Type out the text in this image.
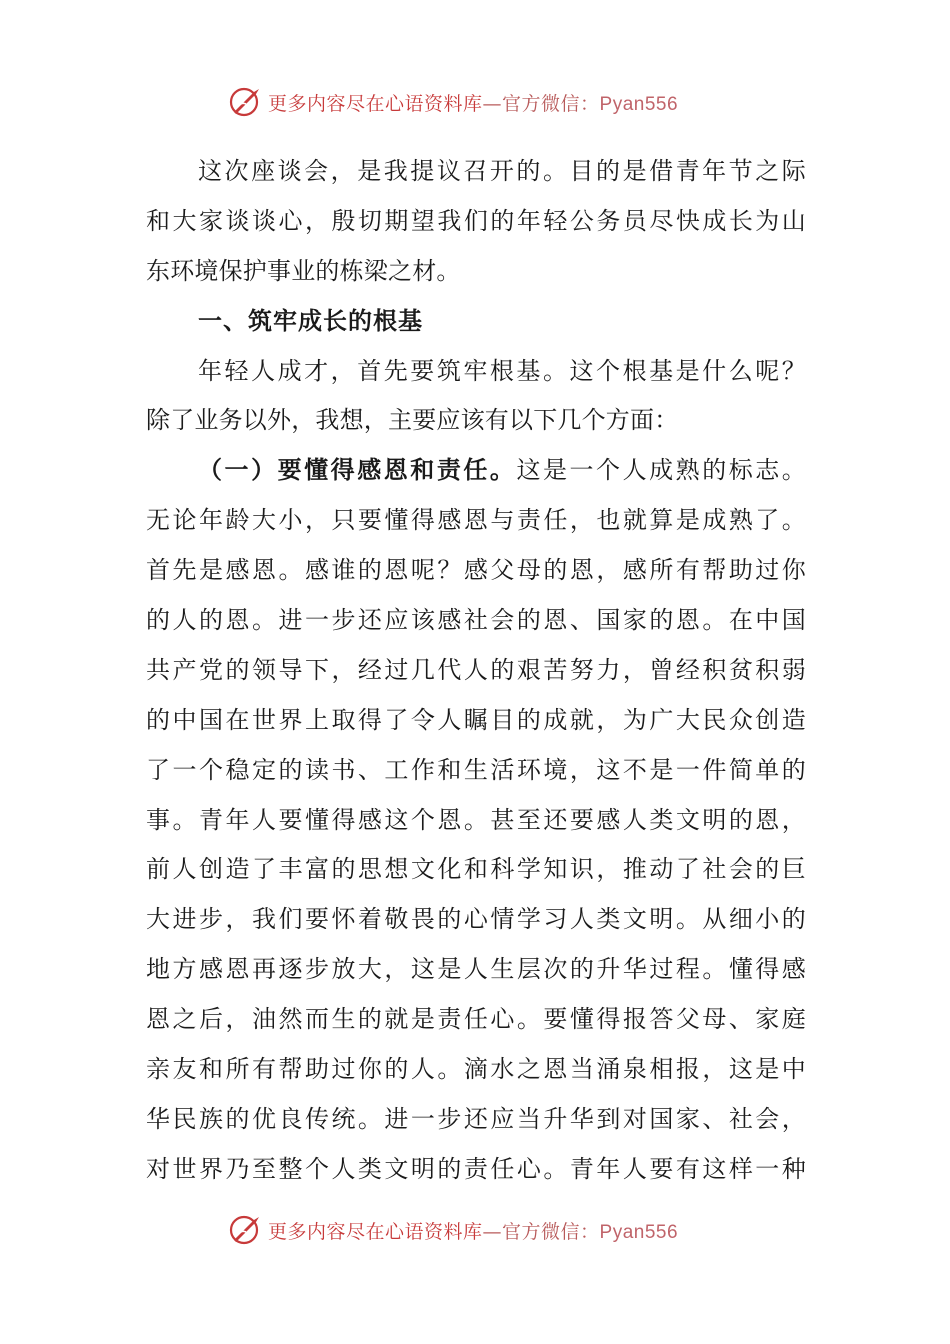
更多内容尽在心语资料库—官方微信：Pyan556
这次座谈会，是我提议召开的。目的是借青年节之际
和大家谈谈心，殷切期望我们的年轻公务员尽快成长为山
东环境保护事业的栋梁之材。
一、筑牢成长的根基
年轻人成才，首先要筑牢根基。这个根基是什么呢？
除了业务以外，我想，主要应该有以下几个方面：
（一）要懂得感恩和责任。这是一个人成熟的标志。
无论年龄大小，只要懂得感恩与责任，也就算是成熟了。
首先是感恩。感谁的恩呢？感父母的恩，感所有帮助过你
的人的恩。进一步还应该感社会的恩、国家的恩。在中国
共产党的领导下，经过几代人的艰苦努力，曾经积贫积弱
的中国在世界上取得了令人瞩目的成就，为广大民众创造
了一个稳定的读书、工作和生活环境，这不是一件简单的
事。青年人要懂得感这个恩。甚至还要感人类文明的恩，
前人创造了丰富的思想文化和科学知识，推动了社会的巨
大进步，我们要怀着敬畏的心情学习人类文明。从细小的
地方感恩再逐步放大，这是人生层次的升华过程。懂得感
恩之后，油然而生的就是责任心。要懂得报答父母、家庭
亲友和所有帮助过你的人。滴水之恩当涌泉相报，这是中
华民族的优良传统。进一步还应当升华到对国家、社会，
对世界乃至整个人类文明的责任心。青年人要有这样一种
更多内容尽在心语资料库—官方微信：Pyan556
